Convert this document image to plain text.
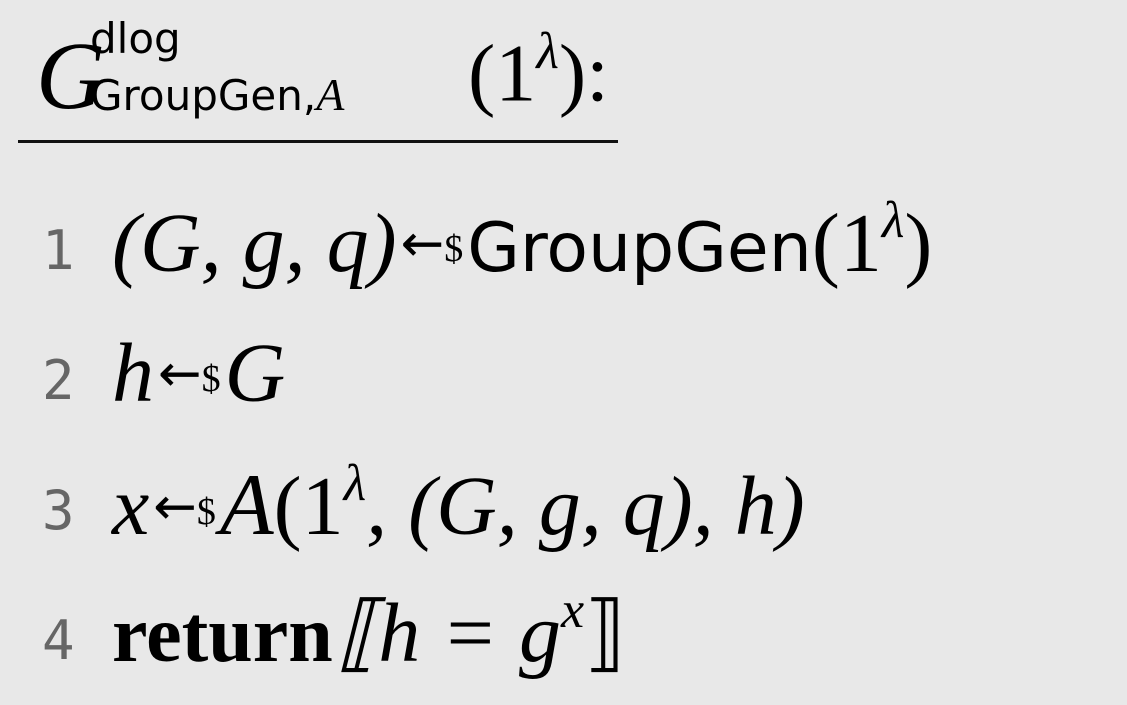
G
dlog
GroupGen,A $(1^\lambda)$:
1 (G, g, q) ←$ GroupGen(1λ)
2 h ←$ G
3 x ←$ A(1λ, (G, g, q), h)
4 return ⟦h = gx⟧
